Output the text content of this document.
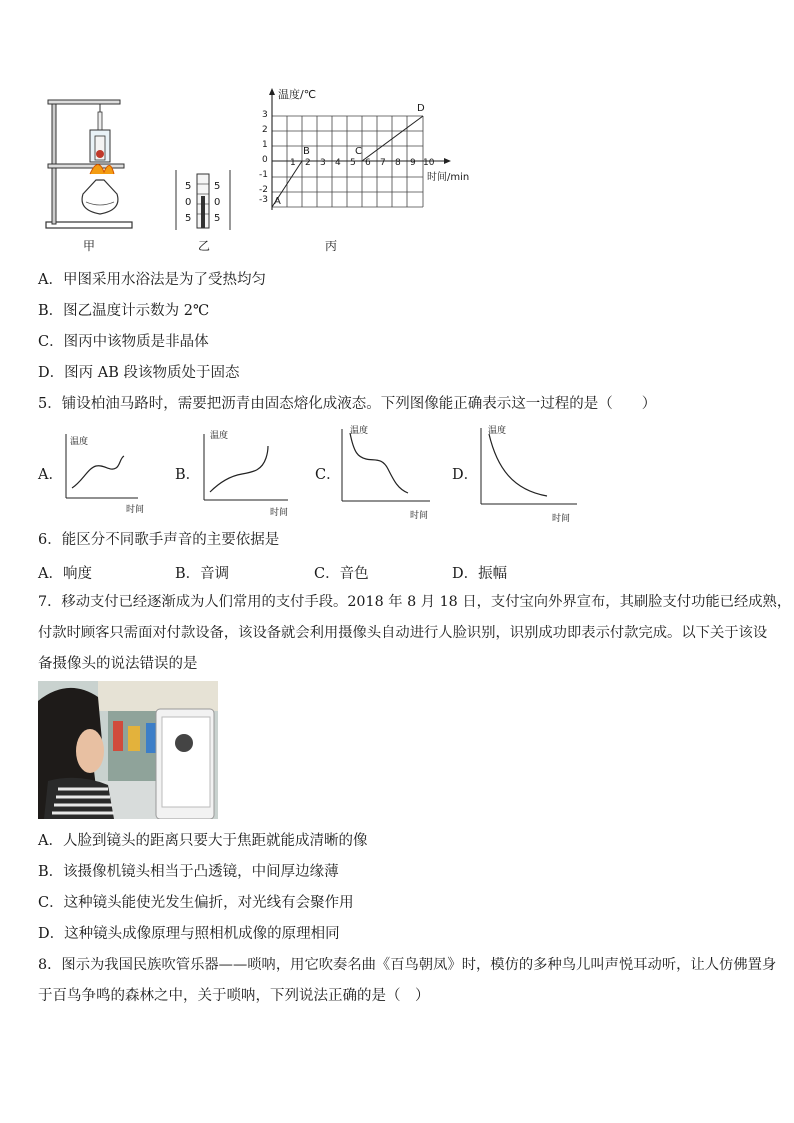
甲
5
0
5
5
0
5
乙
温度/℃
时间/min
3
2
1
0
-1
-2
-3
1 2 3 4 5 6 7 8 9 10
A
B	C
D
丙
A．甲图采用水浴法是为了受热均匀
B．图乙温度计示数为 2℃
C．图丙中该物质是非晶体
D．图丙 AB 段该物质处于固态
5．铺设柏油马路时，需要把沥青由固态熔化成液态。下列图像能正确表示这一过程的是（　　）
A．
温度
时间
B．
温度
时间
C．
温度
时间
D．
温度
时间
6．能区分不同歌手声音的主要依据是
A．响度	B．音调	C．音色	D．振幅
7．移动支付已经逐渐成为人们常用的支付手段。2018 年 8 月 18 日，支付宝向外界宣布，其刷脸支付功能已经成熟，
付款时顾客只需面对付款设备，该设备就会利用摄像头自动进行人脸识别，识别成功即表示付款完成。以下关于该设
备摄像头的说法错误的是
A．人脸到镜头的距离只要大于焦距就能成清晰的像
B．该摄像机镜头相当于凸透镜，中间厚边缘薄
C．这种镜头能使光发生偏折，对光线有会聚作用
D．这种镜头成像原理与照相机成像的原理相同
8．图示为我国民族吹管乐器——唢呐，用它吹奏名曲《百鸟朝凤》时，模仿的多种鸟儿叫声悦耳动听，让人仿佛置身
于百鸟争鸣的森林之中，关于唢呐，下列说法正确的是（　）
